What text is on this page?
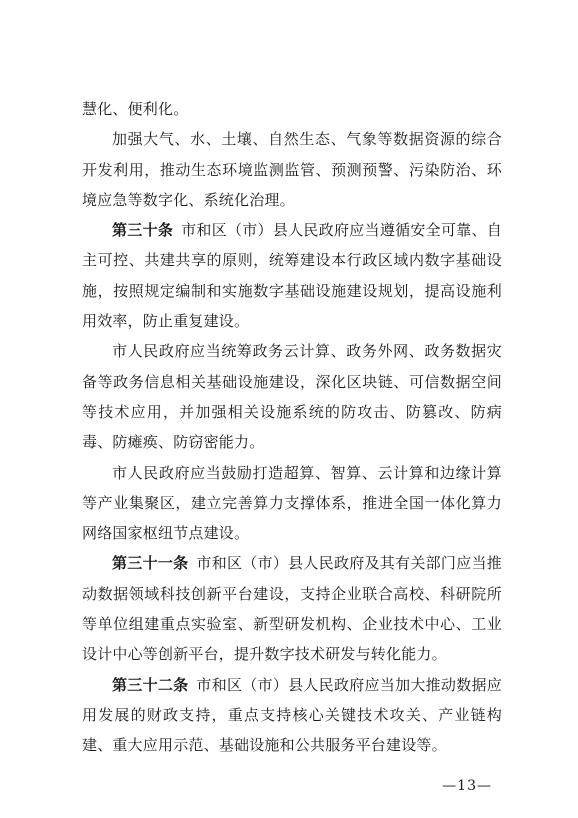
慧化、便利化。

加强大气、水、土壤、自然生态、气象等数据资源的综合开发利用，推动生态环境监测监管、预测预警、污染防治、环境应急等数字化、系统化治理。

第三十条 市和区（市）县人民政府应当遵循安全可靠、自主可控、共建共享的原则，统筹建设本行政区域内数字基础设施，按照规定编制和实施数字基础设施建设规划，提高设施利用效率，防止重复建设。

市人民政府应当统筹政务云计算、政务外网、政务数据灾备等政务信息相关基础设施建设，深化区块链、可信数据空间等技术应用，并加强相关设施系统的防攻击、防篡改、防病毒、防瘫痪、防窃密能力。

市人民政府应当鼓励打造超算、智算、云计算和边缘计算等产业集聚区，建立完善算力支撑体系，推进全国一体化算力网络国家枢纽节点建设。

第三十一条 市和区（市）县人民政府及其有关部门应当推动数据领域科技创新平台建设，支持企业联合高校、科研院所等单位组建重点实验室、新型研发机构、企业技术中心、工业设计中心等创新平台，提升数字技术研发与转化能力。

第三十二条 市和区（市）县人民政府应当加大推动数据应用发展的财政支持，重点支持核心关键技术攻关、产业链构建、重大应用示范、基础设施和公共服务平台建设等。

—13—
